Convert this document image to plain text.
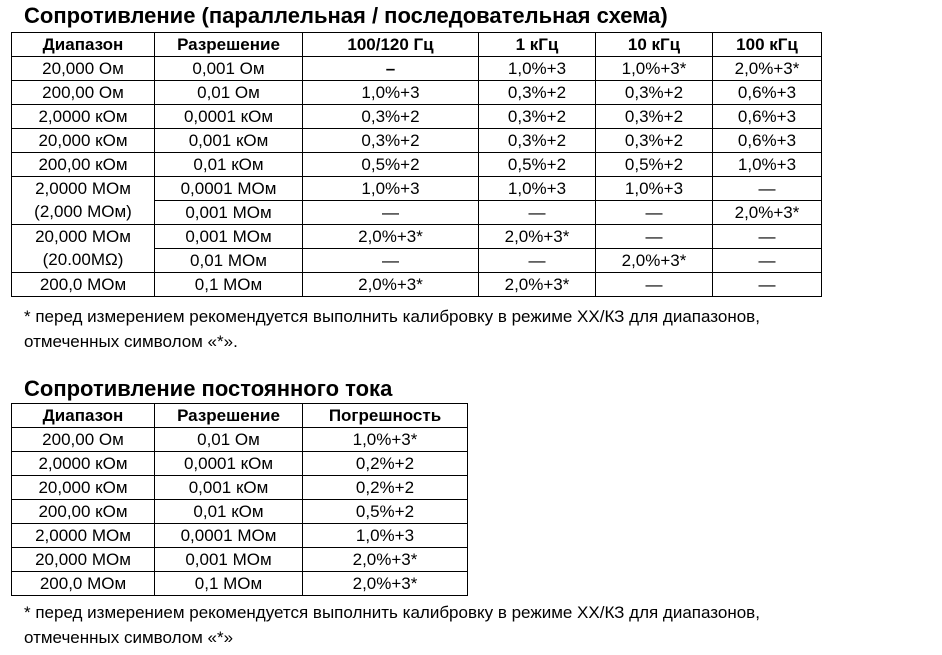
Сопротивление (параллельная / последовательная схема)
Диапазон	Разрешение	100/120 Гц	1 кГц	10 кГц	100 кГц
20,000 Ом	0,001 Ом	–	1,0%+3	1,0%+3*	2,0%+3*
200,00 Ом	0,01 Ом	1,0%+3	0,3%+2	0,3%+2	0,6%+3
2,0000 кОм	0,0001 кОм	0,3%+2	0,3%+2	0,3%+2	0,6%+3
20,000 кОм	0,001 кОм	0,3%+2	0,3%+2	0,3%+2	0,6%+3
200,00 кОм	0,01 кОм	0,5%+2	0,5%+2	0,5%+2	1,0%+3
2,0000 МОм	0,0001 МОм	1,0%+3	1,0%+3	1,0%+3	—
(2,000 МОм)	0,001 МОм	—	—	—	2,0%+3*
20,000 МОм	0,001 МОм	2,0%+3*	2,0%+3*	—	—
(20.00MΩ)	0,01 МОм	—	—	2,0%+3*	—
200,0 МОм	0,1 МОм	2,0%+3*	2,0%+3*	—	—
* перед измерением рекомендуется выполнить калибровку в режиме ХХ/КЗ для диапазонов,
отмеченных символом «*».
Сопротивление постоянного тока
Диапазон	Разрешение	Погрешность
200,00 Ом	0,01 Ом	1,0%+3*
2,0000 кОм	0,0001 кОм	0,2%+2
20,000 кОм	0,001 кОм	0,2%+2
200,00 кОм	0,01 кОм	0,5%+2
2,0000 МОм	0,0001 МОм	1,0%+3
20,000 МОм	0,001 МОм	2,0%+3*
200,0 МОм	0,1 МОм	2,0%+3*
* перед измерением рекомендуется выполнить калибровку в режиме ХХ/КЗ для диапазонов,
отмеченных символом «*»
